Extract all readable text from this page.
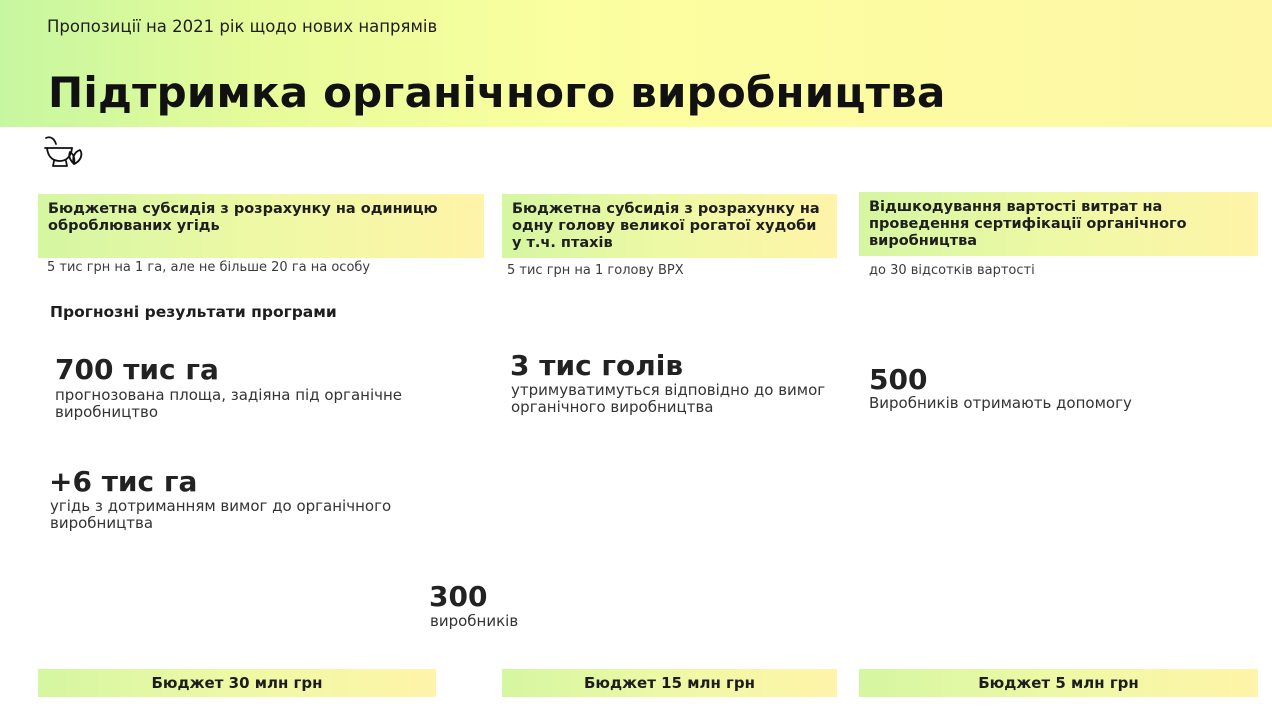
Пропозиції на 2021 рік щодо нових напрямів
Підтримка органічного виробництва
Бюджетна субсидія з розрахунку на одиницю оброблюваних угідь
5 тис грн на 1 га, але не більше 20 га на особу
Бюджетна субсидія з розрахунку на одну голову великої рогатої худоби у т.ч. птахів
5 тис грн на 1 голову ВРХ
Відшкодування вартості витрат на проведення сертифікації органічного виробництва
до 30 відсотків вартості
Прогнозні результати програми
700 тис га
прогнозована площа, задіяна під органічне виробництво
+6 тис га
угідь з дотриманням вимог до органічного виробництва
300
виробників
3 тис голів
утримуватимуться відповідно до вимог органічного виробництва
500
Виробників отримають допомогу
Бюджет 30 млн грн	Бюджет 15 млн грн	Бюджет 5 млн грн
